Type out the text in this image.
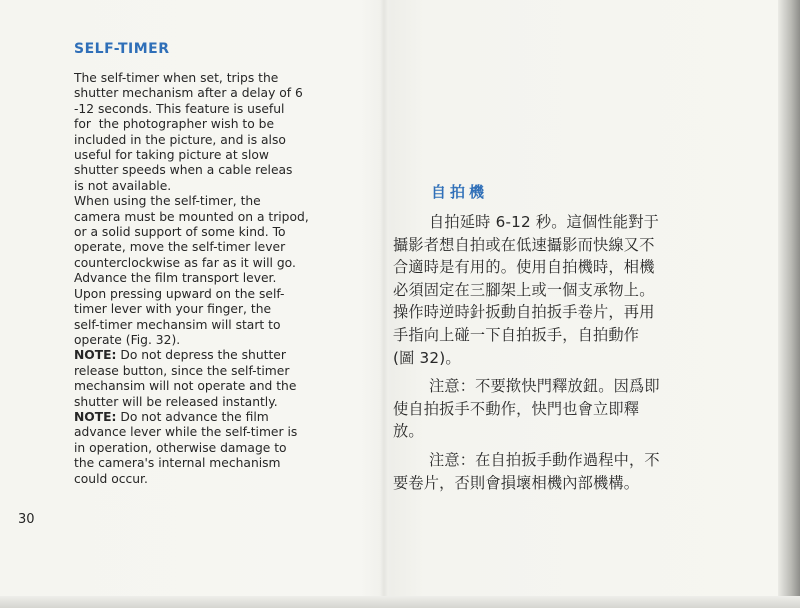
SELF-TIMER
The self-timer when set, trips the
shutter mechanism after a delay of 6
-12 seconds. This feature is useful
for  the photographer wish to be
included in the picture, and is also
useful for taking picture at slow
shutter speeds when a cable releas
is not available.
When using the self-timer, the
camera must be mounted on a tripod,
or a solid support of some kind. To
operate, move the self-timer lever
counterclockwise as far as it will go.
Advance the film transport lever.
Upon pressing upward on the self-
timer lever with your finger, the
self-timer mechansim will start to
operate (Fig. 32).
NOTE: Do not depress the shutter
release button, since the self-timer
mechansim will not operate and the
shutter will be released instantly.
NOTE: Do not advance the film
advance lever while the self-timer is
in operation, otherwise damage to
the camera's internal mechanism
could occur.
30
自拍機
自拍延時 6-12 秒。這個性能對于
攝影者想自拍或在低速攝影而快線又不
合適時是有用的。使用自拍機時，相機
必須固定在三腳架上或一個支承物上。
操作時逆時針扳動自拍扳手卷片，再用
手指向上碰一下自拍扳手，自拍動作
(圖 32)。
注意：不要揿快門釋放鈕。因爲即
使自拍扳手不動作，快門也會立即釋
放。
注意：在自拍扳手動作過程中，不
要卷片，否則會損壞相機內部機構。
